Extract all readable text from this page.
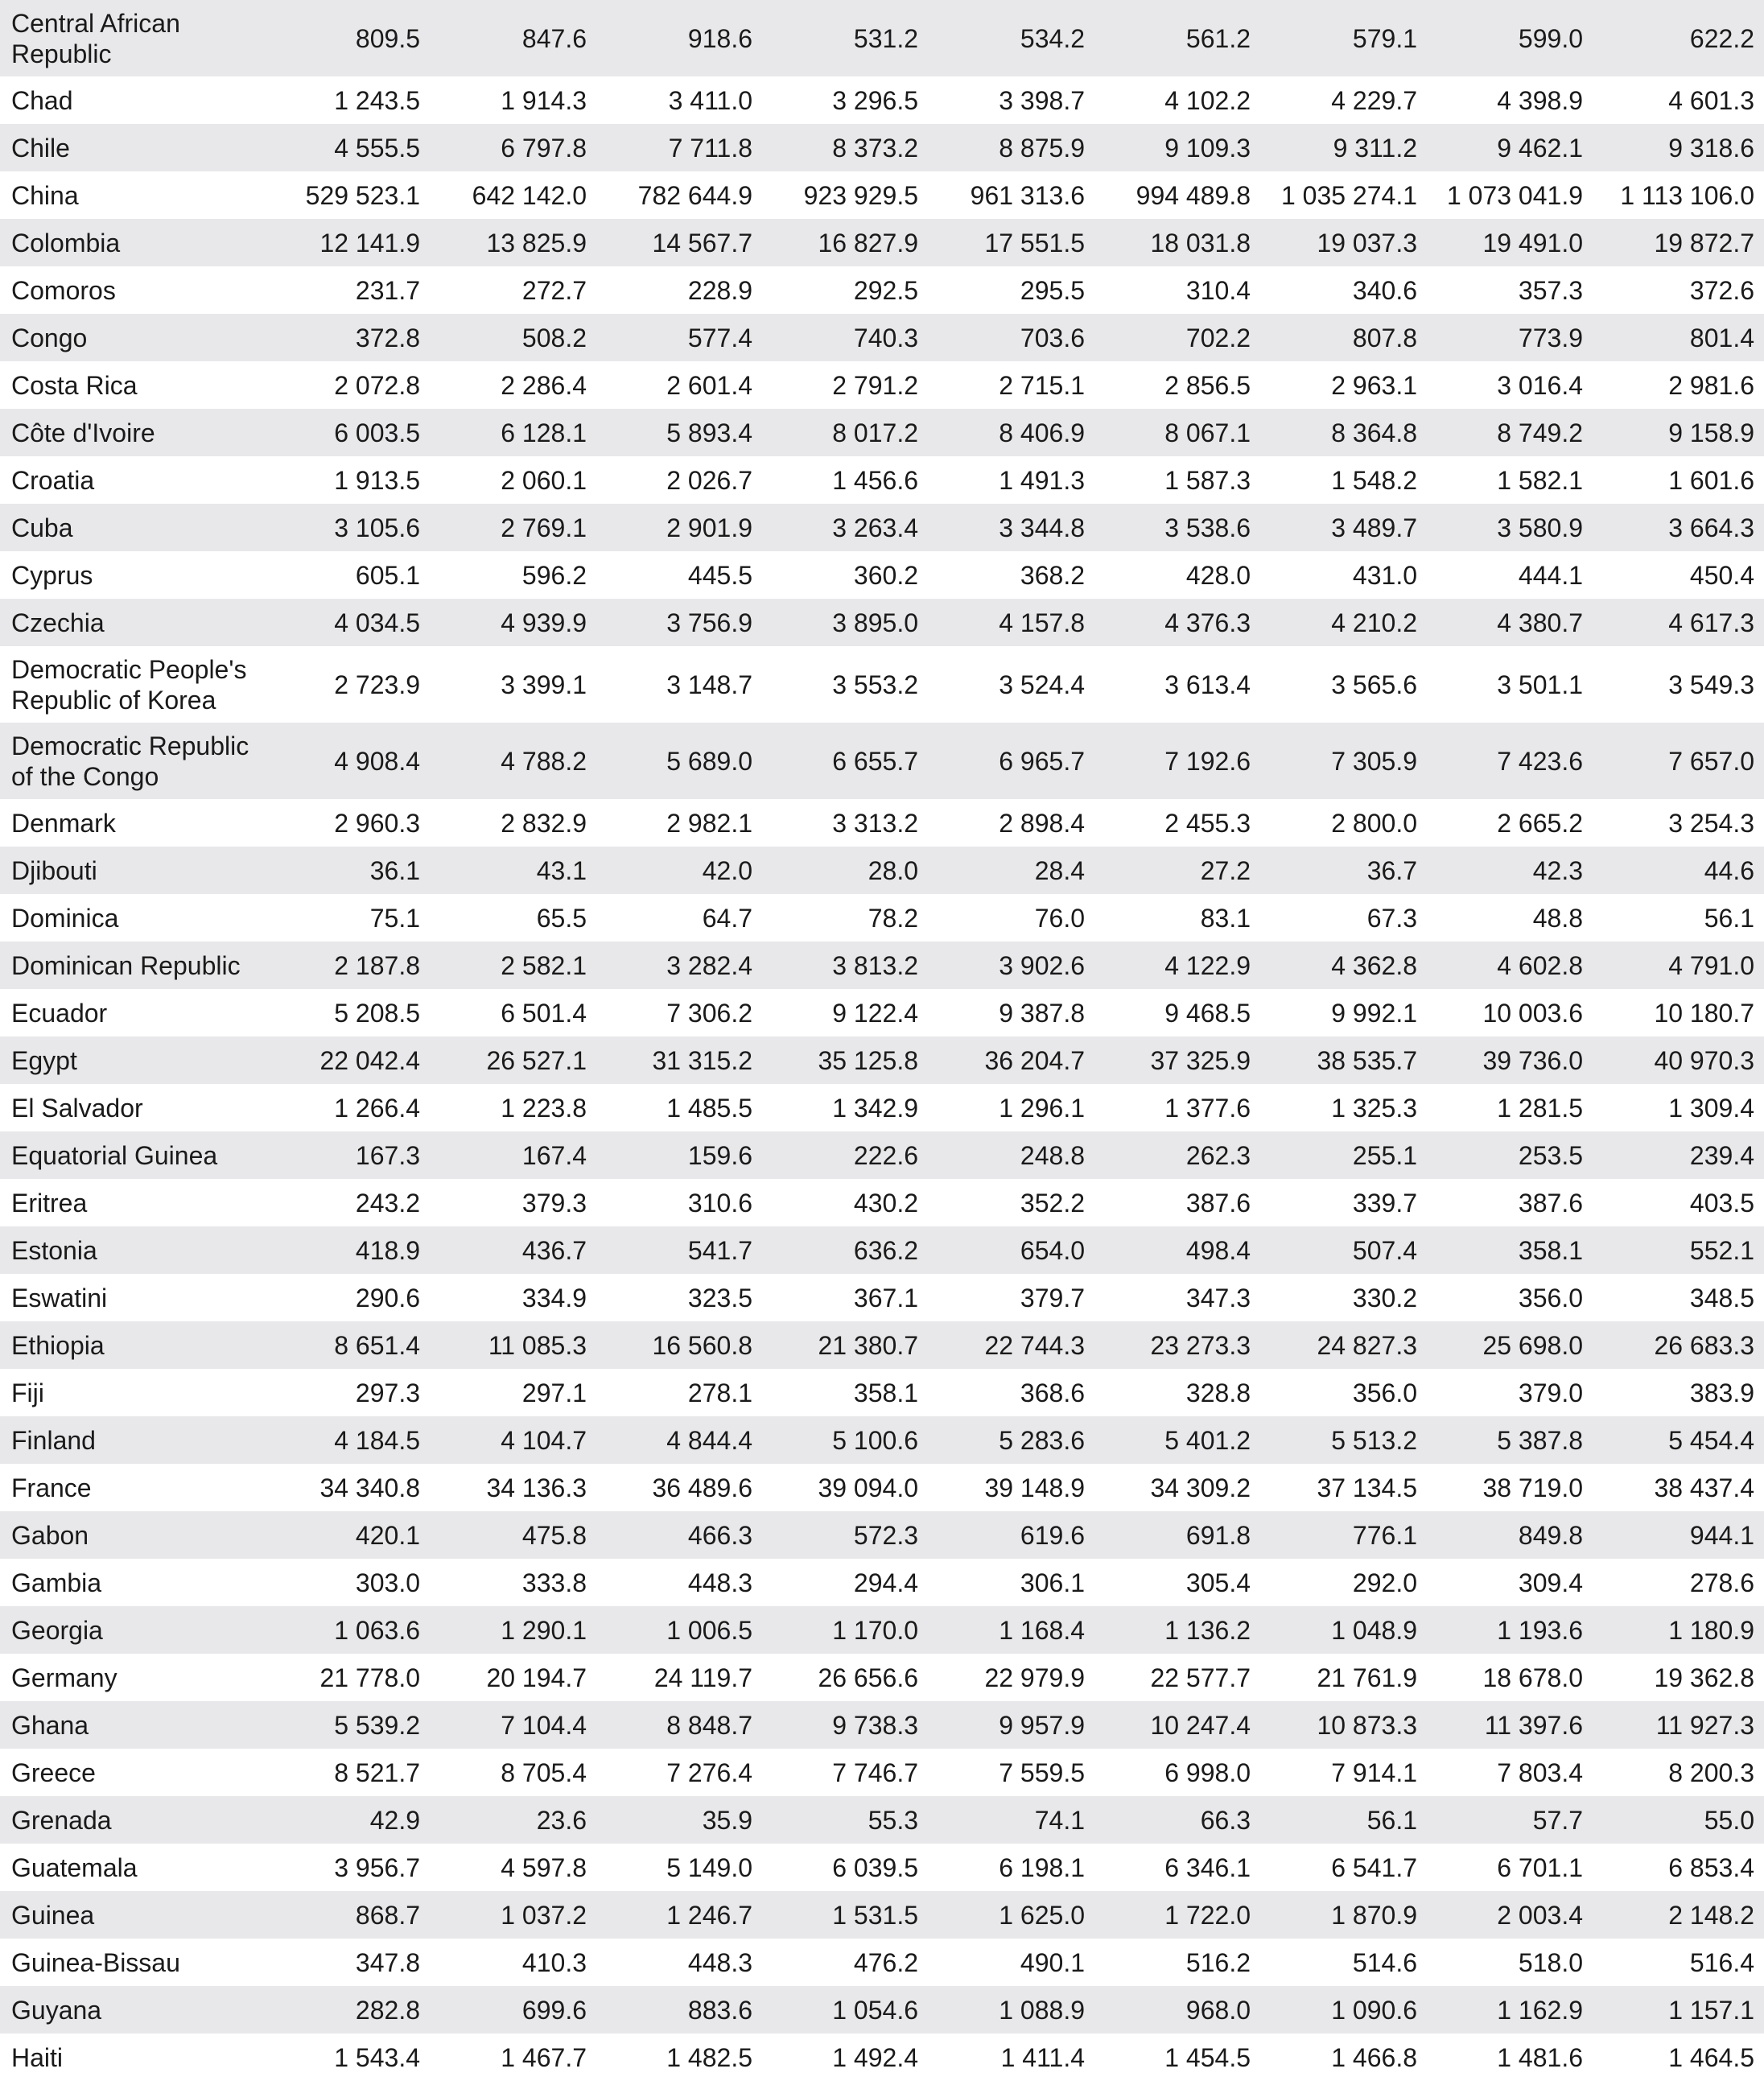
Central African Republic	809.5	847.6	918.6	531.2	534.2	561.2	579.1	599.0	622.2
Chad	1 243.5	1 914.3	3 411.0	3 296.5	3 398.7	4 102.2	4 229.7	4 398.9	4 601.3
Chile	4 555.5	6 797.8	7 711.8	8 373.2	8 875.9	9 109.3	9 311.2	9 462.1	9 318.6
China	529 523.1	642 142.0	782 644.9	923 929.5	961 313.6	994 489.8	1 035 274.1	1 073 041.9	1 113 106.0
Colombia	12 141.9	13 825.9	14 567.7	16 827.9	17 551.5	18 031.8	19 037.3	19 491.0	19 872.7
Comoros	231.7	272.7	228.9	292.5	295.5	310.4	340.6	357.3	372.6
Congo	372.8	508.2	577.4	740.3	703.6	702.2	807.8	773.9	801.4
Costa Rica	2 072.8	2 286.4	2 601.4	2 791.2	2 715.1	2 856.5	2 963.1	3 016.4	2 981.6
Côte d'Ivoire	6 003.5	6 128.1	5 893.4	8 017.2	8 406.9	8 067.1	8 364.8	8 749.2	9 158.9
Croatia	1 913.5	2 060.1	2 026.7	1 456.6	1 491.3	1 587.3	1 548.2	1 582.1	1 601.6
Cuba	3 105.6	2 769.1	2 901.9	3 263.4	3 344.8	3 538.6	3 489.7	3 580.9	3 664.3
Cyprus	605.1	596.2	445.5	360.2	368.2	428.0	431.0	444.1	450.4
Czechia	4 034.5	4 939.9	3 756.9	3 895.0	4 157.8	4 376.3	4 210.2	4 380.7	4 617.3
Democratic People's Republic of Korea	2 723.9	3 399.1	3 148.7	3 553.2	3 524.4	3 613.4	3 565.6	3 501.1	3 549.3
Democratic Republic of the Congo	4 908.4	4 788.2	5 689.0	6 655.7	6 965.7	7 192.6	7 305.9	7 423.6	7 657.0
Denmark	2 960.3	2 832.9	2 982.1	3 313.2	2 898.4	2 455.3	2 800.0	2 665.2	3 254.3
Djibouti	36.1	43.1	42.0	28.0	28.4	27.2	36.7	42.3	44.6
Dominica	75.1	65.5	64.7	78.2	76.0	83.1	67.3	48.8	56.1
Dominican Republic	2 187.8	2 582.1	3 282.4	3 813.2	3 902.6	4 122.9	4 362.8	4 602.8	4 791.0
Ecuador	5 208.5	6 501.4	7 306.2	9 122.4	9 387.8	9 468.5	9 992.1	10 003.6	10 180.7
Egypt	22 042.4	26 527.1	31 315.2	35 125.8	36 204.7	37 325.9	38 535.7	39 736.0	40 970.3
El Salvador	1 266.4	1 223.8	1 485.5	1 342.9	1 296.1	1 377.6	1 325.3	1 281.5	1 309.4
Equatorial Guinea	167.3	167.4	159.6	222.6	248.8	262.3	255.1	253.5	239.4
Eritrea	243.2	379.3	310.6	430.2	352.2	387.6	339.7	387.6	403.5
Estonia	418.9	436.7	541.7	636.2	654.0	498.4	507.4	358.1	552.1
Eswatini	290.6	334.9	323.5	367.1	379.7	347.3	330.2	356.0	348.5
Ethiopia	8 651.4	11 085.3	16 560.8	21 380.7	22 744.3	23 273.3	24 827.3	25 698.0	26 683.3
Fiji	297.3	297.1	278.1	358.1	368.6	328.8	356.0	379.0	383.9
Finland	4 184.5	4 104.7	4 844.4	5 100.6	5 283.6	5 401.2	5 513.2	5 387.8	5 454.4
France	34 340.8	34 136.3	36 489.6	39 094.0	39 148.9	34 309.2	37 134.5	38 719.0	38 437.4
Gabon	420.1	475.8	466.3	572.3	619.6	691.8	776.1	849.8	944.1
Gambia	303.0	333.8	448.3	294.4	306.1	305.4	292.0	309.4	278.6
Georgia	1 063.6	1 290.1	1 006.5	1 170.0	1 168.4	1 136.2	1 048.9	1 193.6	1 180.9
Germany	21 778.0	20 194.7	24 119.7	26 656.6	22 979.9	22 577.7	21 761.9	18 678.0	19 362.8
Ghana	5 539.2	7 104.4	8 848.7	9 738.3	9 957.9	10 247.4	10 873.3	11 397.6	11 927.3
Greece	8 521.7	8 705.4	7 276.4	7 746.7	7 559.5	6 998.0	7 914.1	7 803.4	8 200.3
Grenada	42.9	23.6	35.9	55.3	74.1	66.3	56.1	57.7	55.0
Guatemala	3 956.7	4 597.8	5 149.0	6 039.5	6 198.1	6 346.1	6 541.7	6 701.1	6 853.4
Guinea	868.7	1 037.2	1 246.7	1 531.5	1 625.0	1 722.0	1 870.9	2 003.4	2 148.2
Guinea-Bissau	347.8	410.3	448.3	476.2	490.1	516.2	514.6	518.0	516.4
Guyana	282.8	699.6	883.6	1 054.6	1 088.9	968.0	1 090.6	1 162.9	1 157.1
Haiti	1 543.4	1 467.7	1 482.5	1 492.4	1 411.4	1 454.5	1 466.8	1 481.6	1 464.5
